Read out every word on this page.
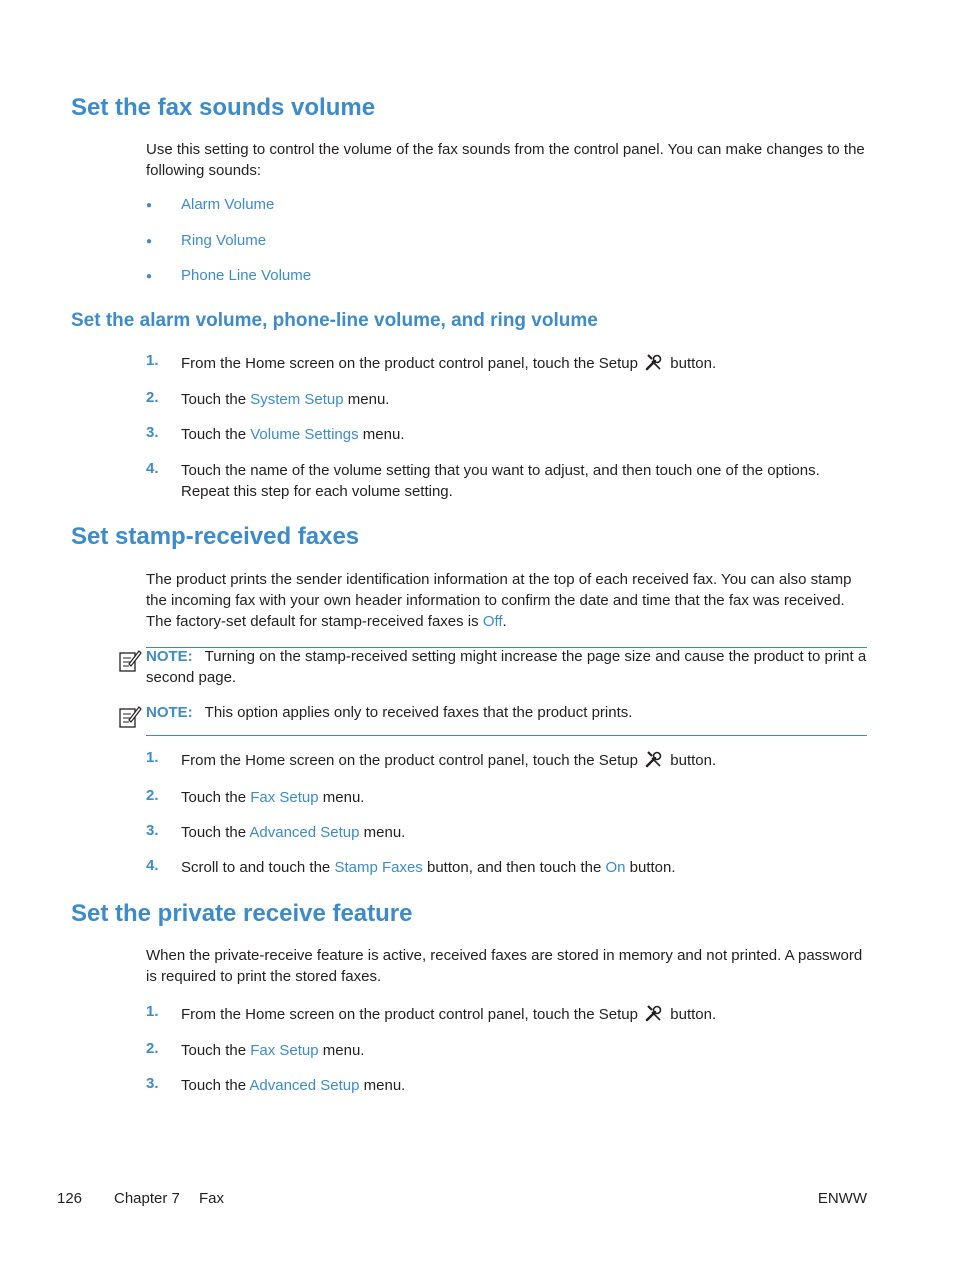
Set the fax sounds volume

Use this setting to control the volume of the fax sounds from the control panel. You can make changes to the following sounds:

● Alarm Volume
● Ring Volume
● Phone Line Volume
Set the alarm volume, phone-line volume, and ring volume
1. From the Home screen on the product control panel, touch the Setup button.
2. Touch the System Setup menu.
3. Touch the Volume Settings menu.
4. Touch the name of the volume setting that you want to adjust, and then touch one of the options. Repeat this step for each volume setting.
Set stamp-received faxes

The product prints the sender identification information at the top of each received fax. You can also stamp the incoming fax with your own header information to confirm the date and time that the fax was received. The factory-set default for stamp-received faxes is Off.

NOTE: Turning on the stamp-received setting might increase the page size and cause the product to print a second page.
NOTE: This option applies only to received faxes that the product prints.
1. From the Home screen on the product control panel, touch the Setup button.
2. Touch the Fax Setup menu.
3. Touch the Advanced Setup menu.
4. Scroll to and touch the Stamp Faxes button, and then touch the On button.
Set the private receive feature

When the private-receive feature is active, received faxes are stored in memory and not printed. A password is required to print the stored faxes.

1. From the Home screen on the product control panel, touch the Setup button.
2. Touch the Fax Setup menu.
3. Touch the Advanced Setup menu.
126 Chapter 7 Fax	ENWW
